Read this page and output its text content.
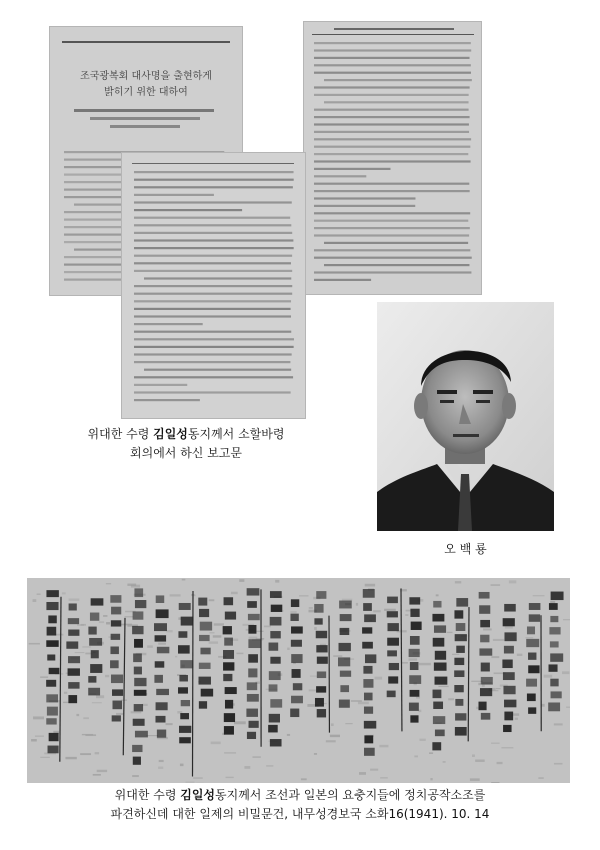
조국광복회 대사명을 출현하게
밝히기 위한 대하여
위대한 수령 김일성동지께서 소할바령
회의에서 하신 보고문
오 백 룡
위대한 수령 김일성동지께서 조선과 일본의 요충지들에 정치공작소조를
파견하신데 대한 일제의 비밀문건, 내무성경보국 소화16(1941). 10. 14
